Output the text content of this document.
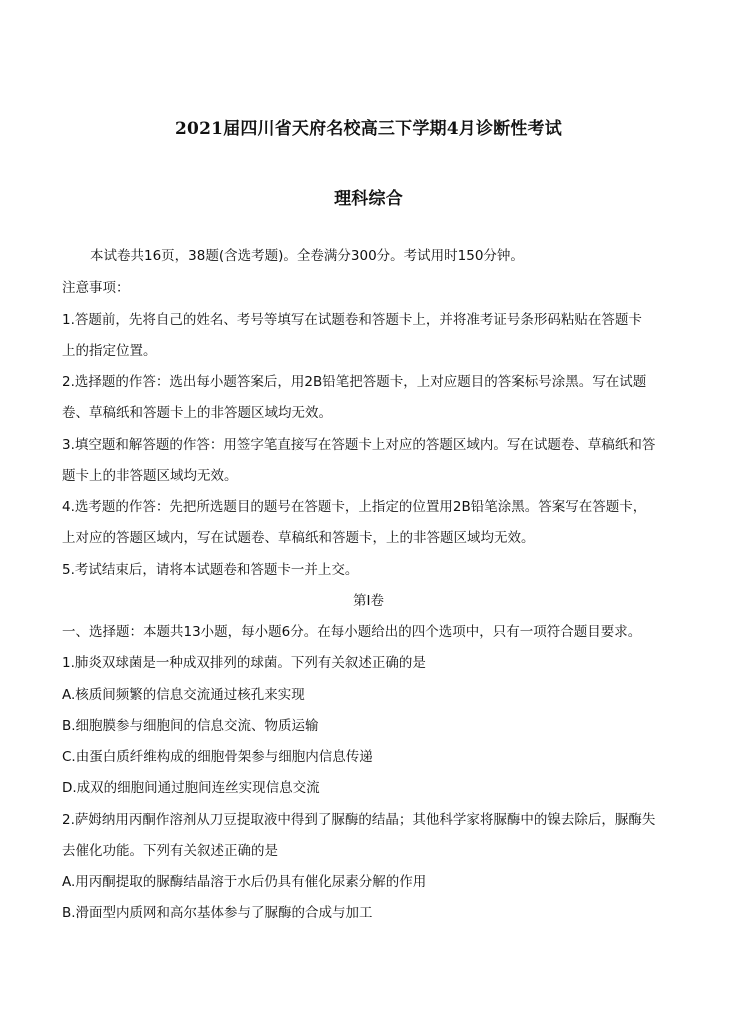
2021届四川省天府名校高三下学期4月诊断性考试
理科综合
本试卷共16页，38题(含选考题)。全卷满分300分。考试用时150分钟。
注意事项：
1.答题前，先将自己的姓名、考号等填写在试题卷和答题卡上，并将准考证号条形码粘贴在答题卡
上的指定位置。
2.选择题的作答：选出每小题答案后，用2B铅笔把答题卡，上对应题目的答案标号涂黑。写在试题
卷、草稿纸和答题卡上的非答题区域均无效。
3.填空题和解答题的作答：用签字笔直接写在答题卡上对应的答题区域内。写在试题卷、草稿纸和答
题卡上的非答题区域均无效。
4.选考题的作答：先把所选题目的题号在答题卡，上指定的位置用2B铅笔涂黑。答案写在答题卡，
上对应的答题区域内，写在试题卷、草稿纸和答题卡，上的非答题区域均无效。
5.考试结束后，请将本试题卷和答题卡一并上交。
第I卷
一、选择题：本题共13小题，每小题6分。在每小题给出的四个选项中，只有一项符合题目要求。
1.肺炎双球菌是一种成双排列的球菌。下列有关叙述正确的是
A.核质间频繁的信息交流通过核孔来实现
B.细胞膜参与细胞间的信息交流、物质运输
C.由蛋白质纤维构成的细胞骨架参与细胞内信息传递
D.成双的细胞间通过胞间连丝实现信息交流
2.萨姆纳用丙酮作溶剂从刀豆提取液中得到了脲酶的结晶；其他科学家将脲酶中的镍去除后，脲酶失
去催化功能。下列有关叙述正确的是
A.用丙酮提取的脲酶结晶溶于水后仍具有催化尿素分解的作用
B.滑面型内质网和高尔基体参与了脲酶的合成与加工
